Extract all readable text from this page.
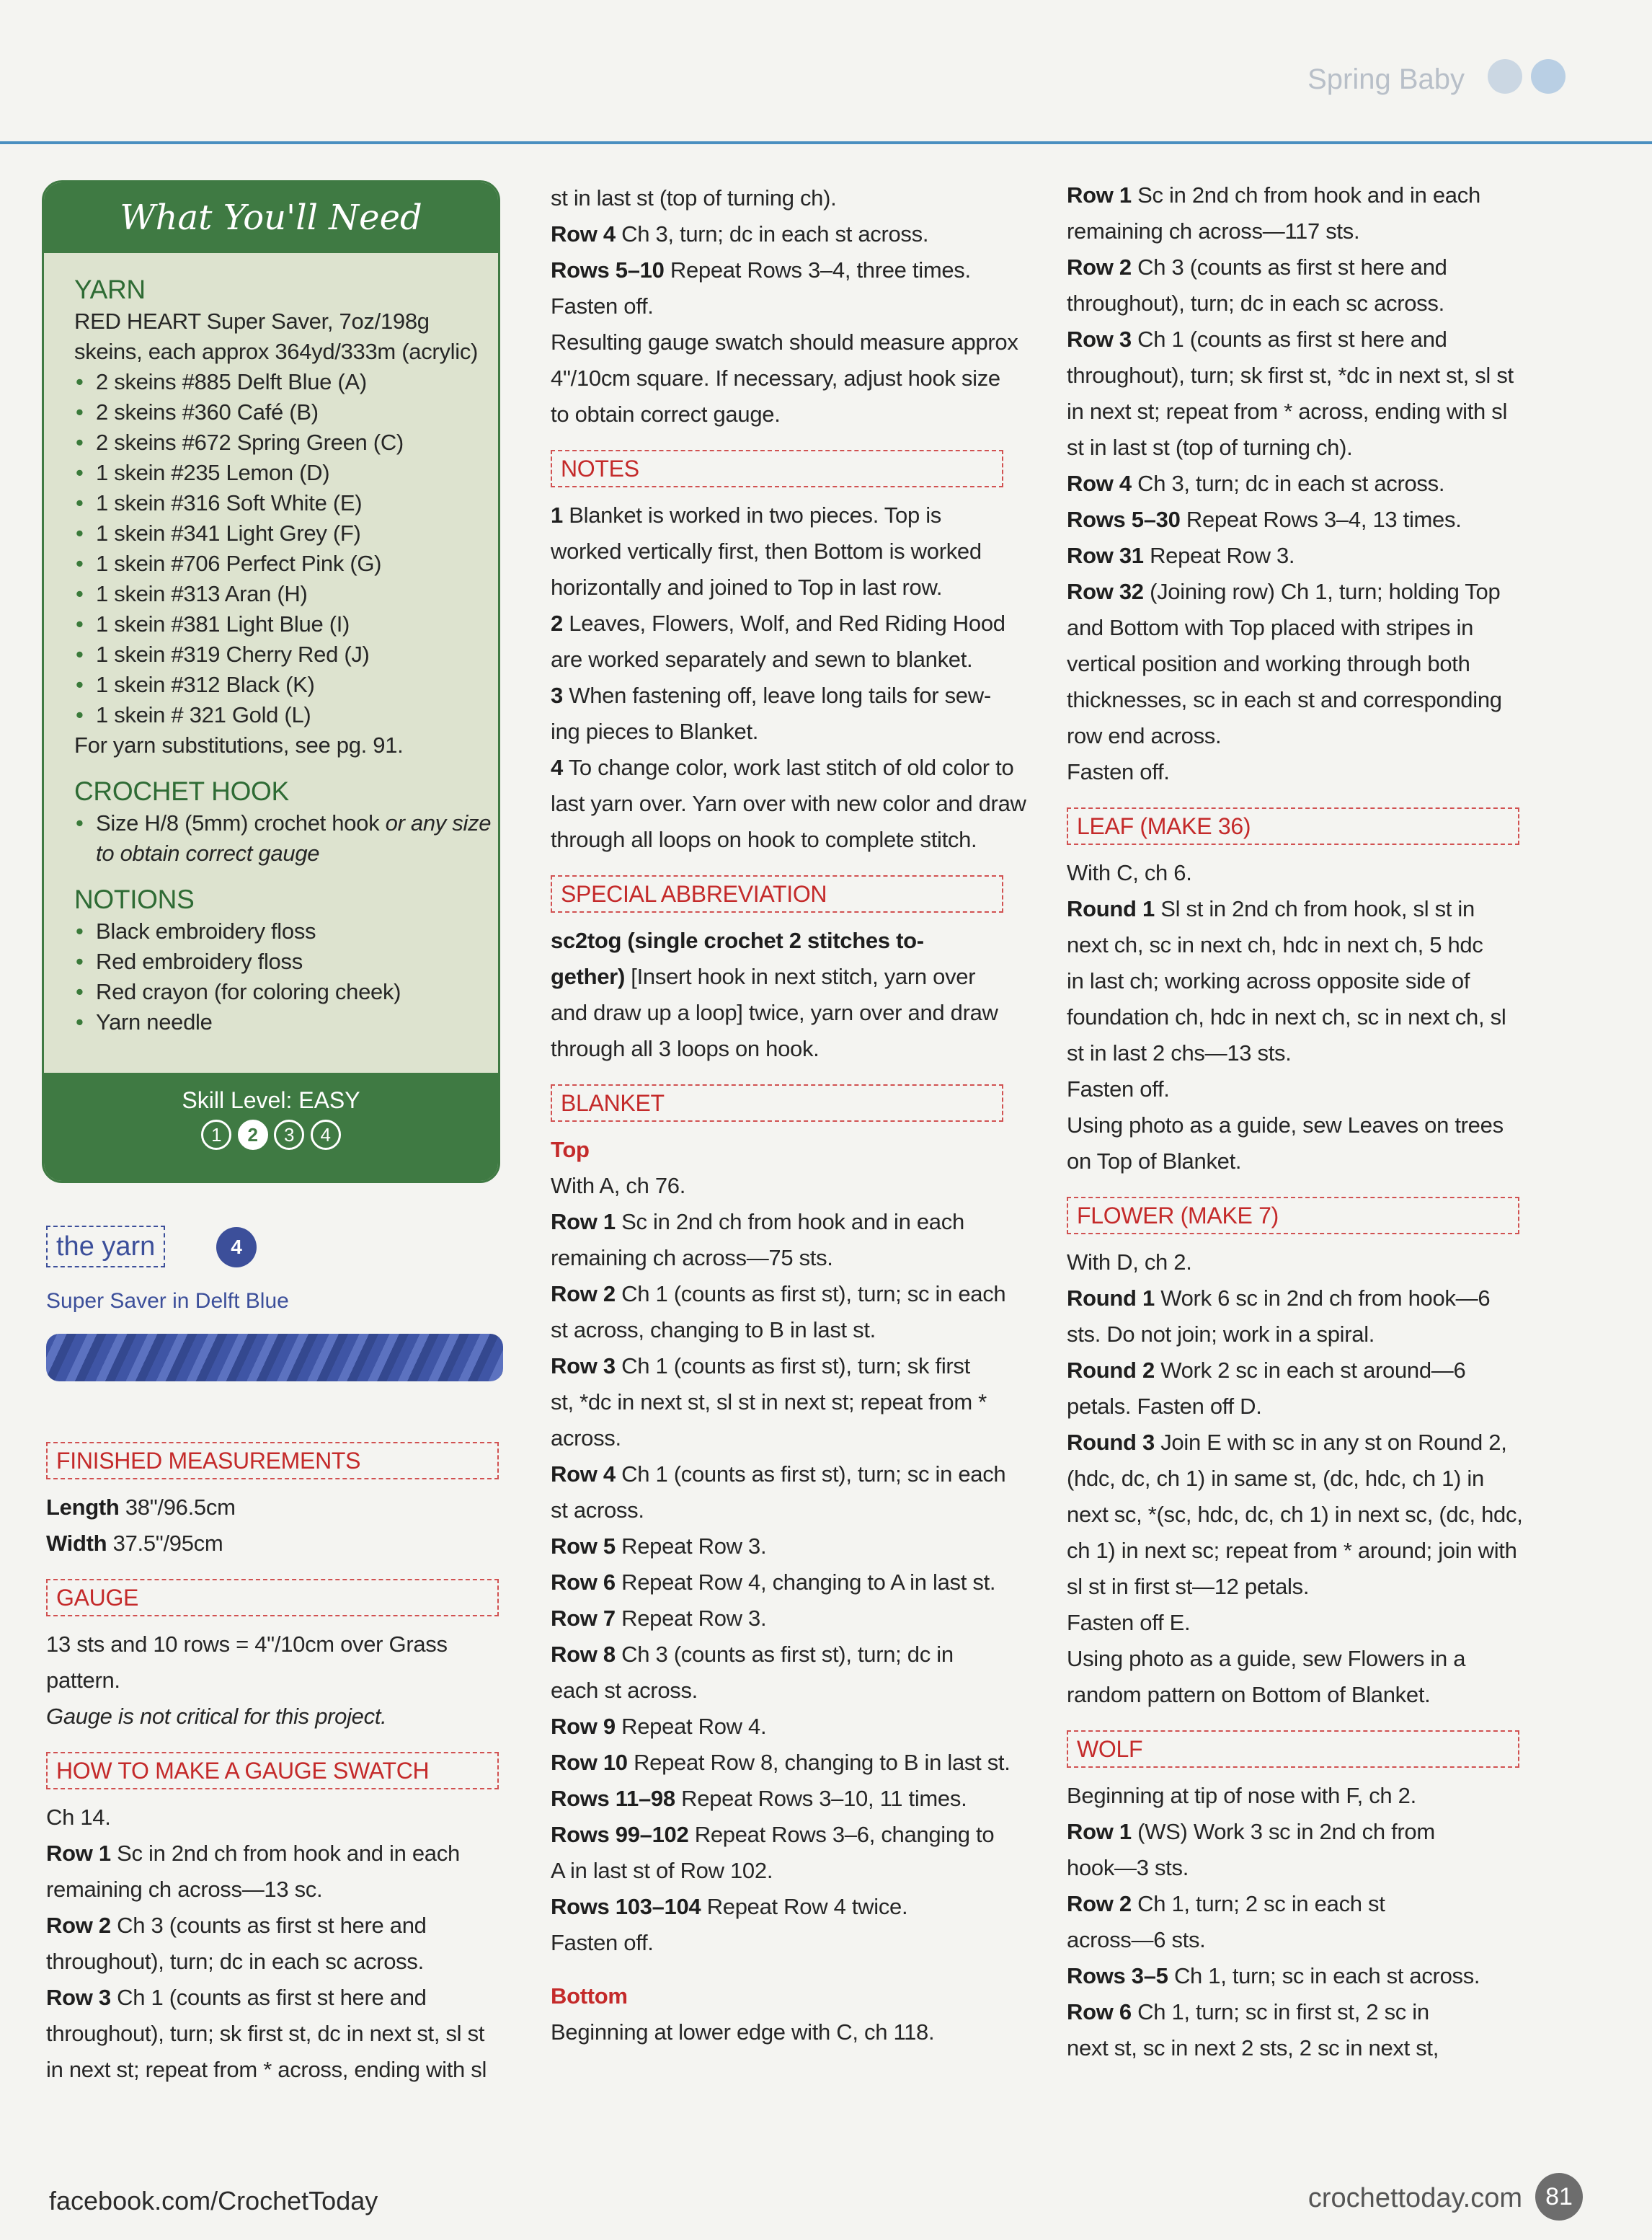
Spring Baby
What You'll Need
YARN
RED HEART Super Saver, 7oz/198g
skeins, each approx 364yd/333m (acrylic)
• 2 skeins #885 Delft Blue (A)
• 2 skeins #360 Café (B)
• 2 skeins #672 Spring Green (C)
• 1 skein #235 Lemon (D)
• 1 skein #316 Soft White (E)
• 1 skein #341 Light Grey (F)
• 1 skein #706 Perfect Pink (G)
• 1 skein #313 Aran (H)
• 1 skein #381 Light Blue (I)
• 1 skein #319 Cherry Red (J)
• 1 skein #312 Black (K)
• 1 skein # 321 Gold (L)
For yarn substitutions, see pg. 91.
CROCHET HOOK
• Size H/8 (5mm) crochet hook or any size to obtain correct gauge
NOTIONS
• Black embroidery floss
• Red embroidery floss
• Red crayon (for coloring cheek)
• Yarn needle
Skill Level: EASY
1 2 3 4
the yarn	4
Super Saver in Delft Blue
FINISHED MEASUREMENTS

Length 38"/96.5cm

Width 37.5"/95cm

GAUGE

13 sts and 10 rows = 4"/10cm over Grass

pattern.

Gauge is not critical for this project.

HOW TO MAKE A GAUGE SWATCH

Ch 14.

Row 1 Sc in 2nd ch from hook and in each

remaining ch across—13 sc.

Row 2 Ch 3 (counts as first st here and

throughout), turn; dc in each sc across.

Row 3 Ch 1 (counts as first st here and

throughout), turn; sk first st, dc in next st, sl st

in next st; repeat from * across, ending with sl

st in last st (top of turning ch).

Row 4 Ch 3, turn; dc in each st across.

Rows 5–10 Repeat Rows 3–4, three times.

Fasten off.

Resulting gauge swatch should measure approx

4"/10cm square. If necessary, adjust hook size

to obtain correct gauge.

NOTES

1 Blanket is worked in two pieces. Top is

worked vertically first, then Bottom is worked

horizontally and joined to Top in last row.

2 Leaves, Flowers, Wolf, and Red Riding Hood

are worked separately and sewn to blanket.

3 When fastening off, leave long tails for sew-

ing pieces to Blanket.

4 To change color, work last stitch of old color to

last yarn over. Yarn over with new color and draw

through all loops on hook to complete stitch.

SPECIAL ABBREVIATION

sc2tog (single crochet 2 stitches to-

gether) [Insert hook in next stitch, yarn over

and draw up a loop] twice, yarn over and draw

through all 3 loops on hook.

BLANKET

Top

With A, ch 76.

Row 1 Sc in 2nd ch from hook and in each

remaining ch across—75 sts.

Row 2 Ch 1 (counts as first st), turn; sc in each

st across, changing to B in last st.

Row 3 Ch 1 (counts as first st), turn; sk first

st, *dc in next st, sl st in next st; repeat from *

across.

Row 4 Ch 1 (counts as first st), turn; sc in each

st across.

Row 5 Repeat Row 3.

Row 6 Repeat Row 4, changing to A in last st.

Row 7 Repeat Row 3.

Row 8 Ch 3 (counts as first st), turn; dc in

each st across.

Row 9 Repeat Row 4.

Row 10 Repeat Row 8, changing to B in last st.

Rows 11–98 Repeat Rows 3–10, 11 times.

Rows 99–102 Repeat Rows 3–6, changing to

A in last st of Row 102.

Rows 103–104 Repeat Row 4 twice.

Fasten off.

Bottom

Beginning at lower edge with C, ch 118.

Row 1 Sc in 2nd ch from hook and in each

remaining ch across—117 sts.

Row 2 Ch 3 (counts as first st here and

throughout), turn; dc in each sc across.

Row 3 Ch 1 (counts as first st here and

throughout), turn; sk first st, *dc in next st, sl st

in next st; repeat from * across, ending with sl

st in last st (top of turning ch).

Row 4 Ch 3, turn; dc in each st across.

Rows 5–30 Repeat Rows 3–4, 13 times.

Row 31 Repeat Row 3.

Row 32 (Joining row) Ch 1, turn; holding Top

and Bottom with Top placed with stripes in

vertical position and working through both

thicknesses, sc in each st and corresponding

row end across.

Fasten off.

LEAF (MAKE 36)

With C, ch 6.

Round 1 Sl st in 2nd ch from hook, sl st in

next ch, sc in next ch, hdc in next ch, 5 hdc

in last ch; working across opposite side of

foundation ch, hdc in next ch, sc in next ch, sl

st in last 2 chs—13 sts.

Fasten off.

Using photo as a guide, sew Leaves on trees

on Top of Blanket.

FLOWER (MAKE 7)

With D, ch 2.

Round 1 Work 6 sc in 2nd ch from hook—6

sts. Do not join; work in a spiral.

Round 2 Work 2 sc in each st around—6

petals. Fasten off D.

Round 3 Join E with sc in any st on Round 2,

(hdc, dc, ch 1) in same st, (dc, hdc, ch 1) in

next sc, *(sc, hdc, dc, ch 1) in next sc, (dc, hdc,

ch 1) in next sc; repeat from * around; join with

sl st in first st—12 petals.

Fasten off E.

Using photo as a guide, sew Flowers in a

random pattern on Bottom of Blanket.

WOLF

Beginning at tip of nose with F, ch 2.

Row 1 (WS) Work 3 sc in 2nd ch from

hook—3 sts.

Row 2 Ch 1, turn; 2 sc in each st

across—6 sts.

Rows 3–5 Ch 1, turn; sc in each st across.

Row 6 Ch 1, turn; sc in first st, 2 sc in

next st, sc in next 2 sts, 2 sc in next st,

facebook.com/CrochetToday	crochettoday.com 81
